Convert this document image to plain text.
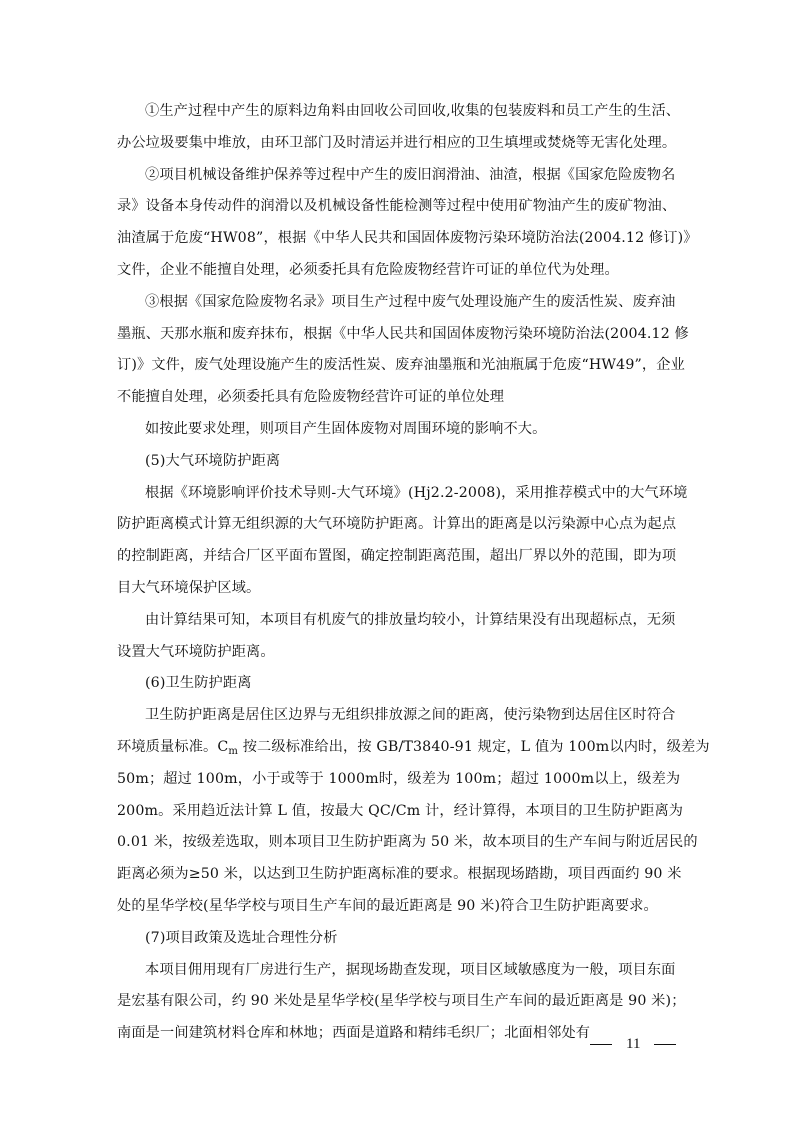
①生产过程中产生的原料边角料由回收公司回收,收集的包装废料和员工产生的生活、
办公垃圾要集中堆放，由环卫部门及时清运并进行相应的卫生填埋或焚烧等无害化处理。
②项目机械设备维护保养等过程中产生的废旧润滑油、油渣，根据《国家危险废物名
录》设备本身传动件的润滑以及机械设备性能检测等过程中使用矿物油产生的废矿物油、
油渣属于危废“HW08”，根据《中华人民共和国固体废物污染环境防治法(2004.12 修订)》
文件，企业不能擅自处理，必须委托具有危险废物经营许可证的单位代为处理。
③根据《国家危险废物名录》项目生产过程中废气处理设施产生的废活性炭、废弃油
墨瓶、天那水瓶和废弃抹布，根据《中华人民共和国固体废物污染环境防治法(2004.12 修
订)》文件，废气处理设施产生的废活性炭、废弃油墨瓶和光油瓶属于危废“HW49”，企业
不能擅自处理，必须委托具有危险废物经营许可证的单位处理
如按此要求处理，则项目产生固体废物对周围环境的影响不大。
(5)大气环境防护距离
根据《环境影响评价技术导则-大气环境》(Hj2.2-2008)，采用推荐模式中的大气环境
防护距离模式计算无组织源的大气环境防护距离。计算出的距离是以污染源中心点为起点
的控制距离，并结合厂区平面布置图，确定控制距离范围，超出厂界以外的范围，即为项
目大气环境保护区域。
由计算结果可知，本项目有机废气的排放量均较小，计算结果没有出现超标点，无须
设置大气环境防护距离。
(6)卫生防护距离
卫生防护距离是居住区边界与无组织排放源之间的距离，使污染物到达居住区时符合
环境质量标准。$C_m$ 按二级标准给出，按 GB/T3840-91 规定，L 值为 100m以内时，级差为
50m；超过 100m，小于或等于 1000m时，级差为 100m；超过 1000m以上，级差为
200m。采用趋近法计算 L 值，按最大 QC/Cm 计，经计算得，本项目的卫生防护距离为
0.01 米，按级差选取，则本项目卫生防护距离为 50 米，故本项目的生产车间与附近居民的
距离必须为≥50 米，以达到卫生防护距离标准的要求。根据现场踏勘，项目西面约 90 米
处的星华学校(星华学校与项目生产车间的最近距离是 90 米)符合卫生防护距离要求。
(7)项目政策及选址合理性分析
本项目佣用现有厂房进行生产，据现场勘查发现，项目区域敏感度为一般，项目东面
是宏基有限公司，约 90 米处是星华学校(星华学校与项目生产车间的最近距离是 90 米)；
南面是一间建筑材料仓库和林地；西面是道路和精纬毛织厂；北面相邻处有
11
